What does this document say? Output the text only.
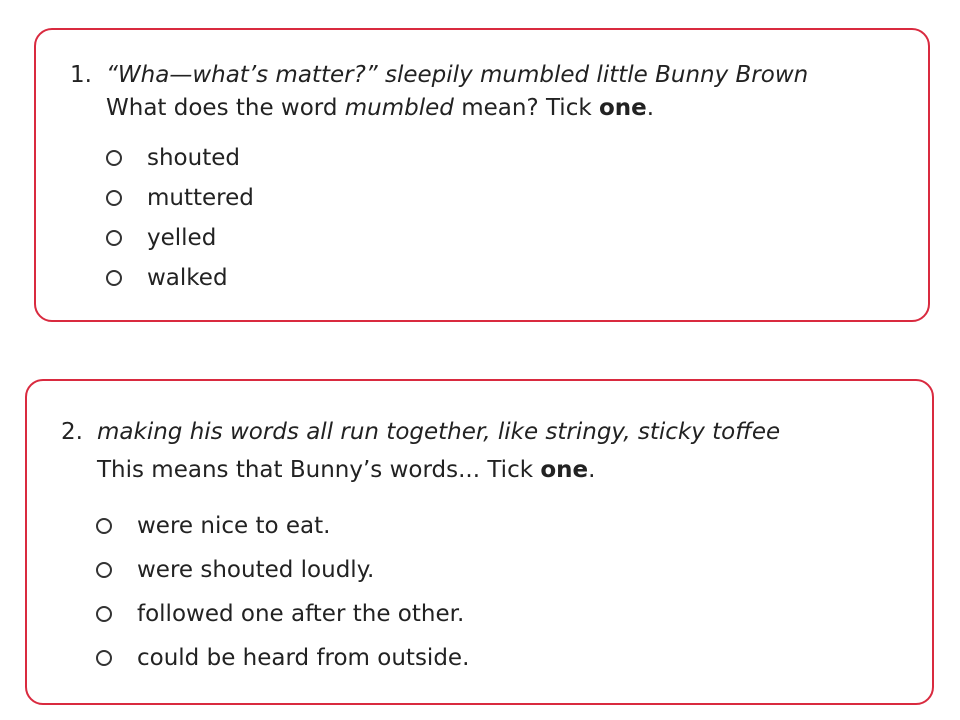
1. “Wha—what’s matter?” sleepily mumbled little Bunny Brown
What does the word mumbled mean? Tick one.
shouted
muttered
yelled
walked
2. making his words all run together, like stringy, sticky toffee
This means that Bunny’s words... Tick one.
were nice to eat.
were shouted loudly.
followed one after the other.
could be heard from outside.
